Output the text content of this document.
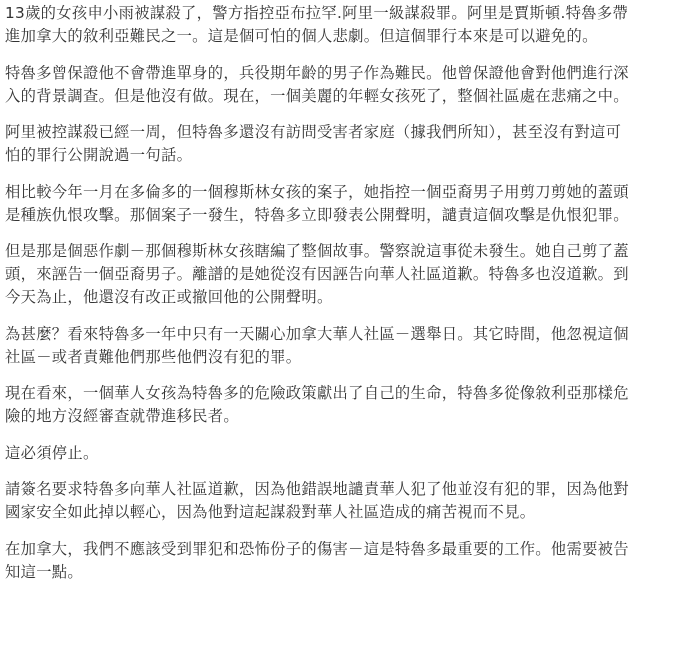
13歲的女孩申小雨被謀殺了，警方指控亞布拉罕.阿里一級謀殺罪。阿里是賈斯頓.特魯多帶
進加拿大的敘利亞難民之一。這是個可怕的個人悲劇。但這個罪行本來是可以避免的。

特魯多曾保證他不會帶進單身的，兵役期年齡的男子作為難民。他曾保證他會對他們進行深
入的背景調查。但是他沒有做。現在，一個美麗的年輕女孩死了，整個社區處在悲痛之中。

阿里被控謀殺已經一周，但特魯多還沒有訪問受害者家庭（據我們所知），甚至沒有對這可
怕的罪行公開說過一句話。

相比較今年一月在多倫多的一個穆斯林女孩的案子，她指控一個亞裔男子用剪刀剪她的蓋頭
是種族仇恨攻擊。那個案子一發生，特魯多立即發表公開聲明，譴責這個攻擊是仇恨犯罪。

但是那是個惡作劇－那個穆斯林女孩瞎編了整個故事。警察說這事從未發生。她自己剪了蓋
頭，來誣告一個亞裔男子。離譜的是她從沒有因誣告向華人社區道歉。特魯多也沒道歉。到
今天為止，他還沒有改正或撤回他的公開聲明。

為甚麼？看來特魯多一年中只有一天關心加拿大華人社區－選舉日。其它時間，他忽視這個
社區－或者責難他們那些他們沒有犯的罪。

現在看來，一個華人女孩為特魯多的危險政策獻出了自己的生命，特魯多從像敘利亞那樣危
險的地方沒經審查就帶進移民者。

這必須停止。

請簽名要求特魯多向華人社區道歉，因為他錯誤地譴責華人犯了他並沒有犯的罪，因為他對
國家安全如此掉以輕心，因為他對這起謀殺對華人社區造成的痛苦視而不見。

在加拿大，我們不應該受到罪犯和恐怖份子的傷害－這是特魯多最重要的工作。他需要被告
知這一點。
